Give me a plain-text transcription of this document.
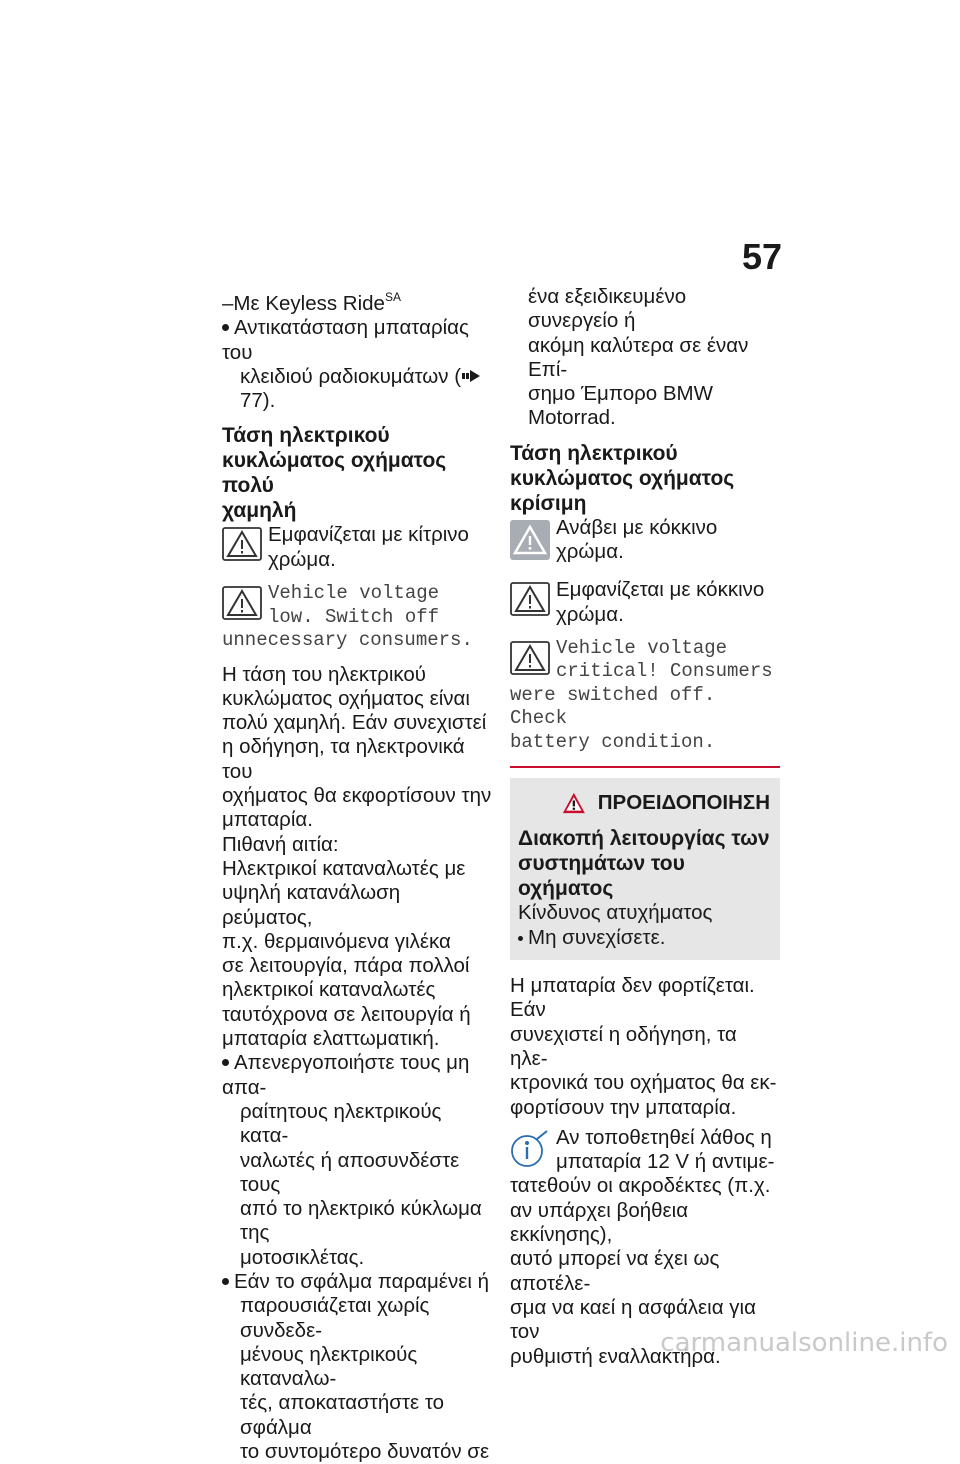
57
–Με Keyless Ride$^{SA}$
Αντικατάσταση μπαταρίας του
κλειδιού ραδιοκυμάτων (77).
Τάση ηλεκτρικού
κυκλώματος οχήματος πολύ
χαμηλή
Εμφανίζεται με κίτρινο
χρώμα.
Vehicle voltage
low. Switch off
unnecessary consumers.
Η τάση του ηλεκτρικού
κυκλώματος οχήματος είναι
πολύ χαμηλή. Εάν συνεχιστεί
η οδήγηση, τα ηλεκτρονικά του
οχήματος θα εκφορτίσουν την
μπαταρία.
Πιθανή αιτία:
Ηλεκτρικοί καταναλωτές με
υψηλή κατανάλωση ρεύματος,
π.χ. θερμαινόμενα γιλέκα
σε λειτουργία, πάρα πολλοί
ηλεκτρικοί καταναλωτές
ταυτόχρονα σε λειτουργία ή
μπαταρία ελαττωματική.
Απενεργοποιήστε τους μη απα-
ραίτητους ηλεκτρικούς κατα-
ναλωτές ή αποσυνδέστε τους
από το ηλεκτρικό κύκλωμα της
μοτοσικλέτας.
Εάν το σφάλμα παραμένει ή
παρουσιάζεται χωρίς συνδεδε-
μένους ηλεκτρικούς καταναλω-
τές, αποκαταστήστε το σφάλμα
το συντομότερο δυνατόν σε
ένα εξειδικευμένο συνεργείο ή
ακόμη καλύτερα σε έναν Επί-
σημο Έμπορο BMW Motorrad.
Τάση ηλεκτρικού
κυκλώματος οχήματος
κρίσιμη
Ανάβει με κόκκινο χρώμα.
Εμφανίζεται με κόκκινο
χρώμα.
Vehicle voltage
critical! Consumers
were switched off. Check
battery condition.
ΠΡΟΕΙΔΟΠΟΙΗΣΗ
Διακοπή λειτουργίας των
συστημάτων του οχήματος
Κίνδυνος ατυχήματος
Μη συνεχίσετε.
Η μπαταρία δεν φορτίζεται. Εάν
συνεχιστεί η οδήγηση, τα ηλε-
κτρονικά του οχήματος θα εκ-
φορτίσουν την μπαταρία.
Αν τοποθετηθεί λάθος η
μπαταρία 12 V ή αντιμε-
τατεθούν οι ακροδέκτες (π.χ.
αν υπάρχει βοήθεια εκκίνησης),
αυτό μπορεί να έχει ως αποτέλε-
σμα να καεί η ασφάλεια για τον
ρυθμιστή εναλλακτήρα.
carmanualsonline.info
